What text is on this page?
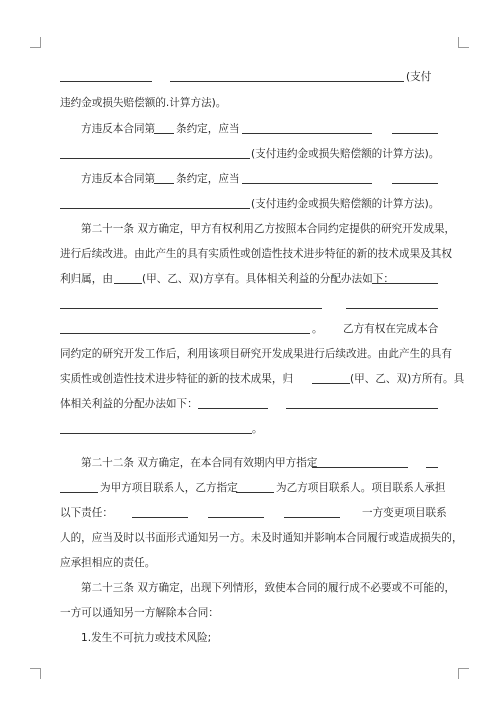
(支付
违约金或损失赔偿额的.计算方法)。
方违反本合同第 条约定，应当
(支付违约金或损失赔偿额的计算方法)。
方违反本合同第 条约定，应当
(支付违约金或损失赔偿额的计算方法)。
第二十一条 双方确定，甲方有权利用乙方按照本合同约定提供的研究开发成果，
进行后续改进。由此产生的具有实质性或创造性技术进步特征的新的技术成果及其权
利归属，由	(甲、乙、双)方享有。具体相关利益的分配办法如下：
。 乙方有权在完成本合
同约定的研究开发工作后，利用该项目研究开发成果进行后续改进。由此产生的具有
实质性或创造性技术进步特征的新的技术成果，归	(甲、乙、双)方所有。具
体相关利益的分配办法如下：
。
第二十二条 双方确定，在本合同有效期内甲方指定
为甲方项目联系人，乙方指定	为乙方项目联系人。项目联系人承担
以下责任：	一方变更项目联系
人的，应当及时以书面形式通知另一方。未及时通知并影响本合同履行或造成损失的，
应承担相应的责任。
第二十三条 双方确定，出现下列情形，致使本合同的履行成不必要或不可能的，
一方可以通知另一方解除本合同：
1.发生不可抗力或技术风险;
